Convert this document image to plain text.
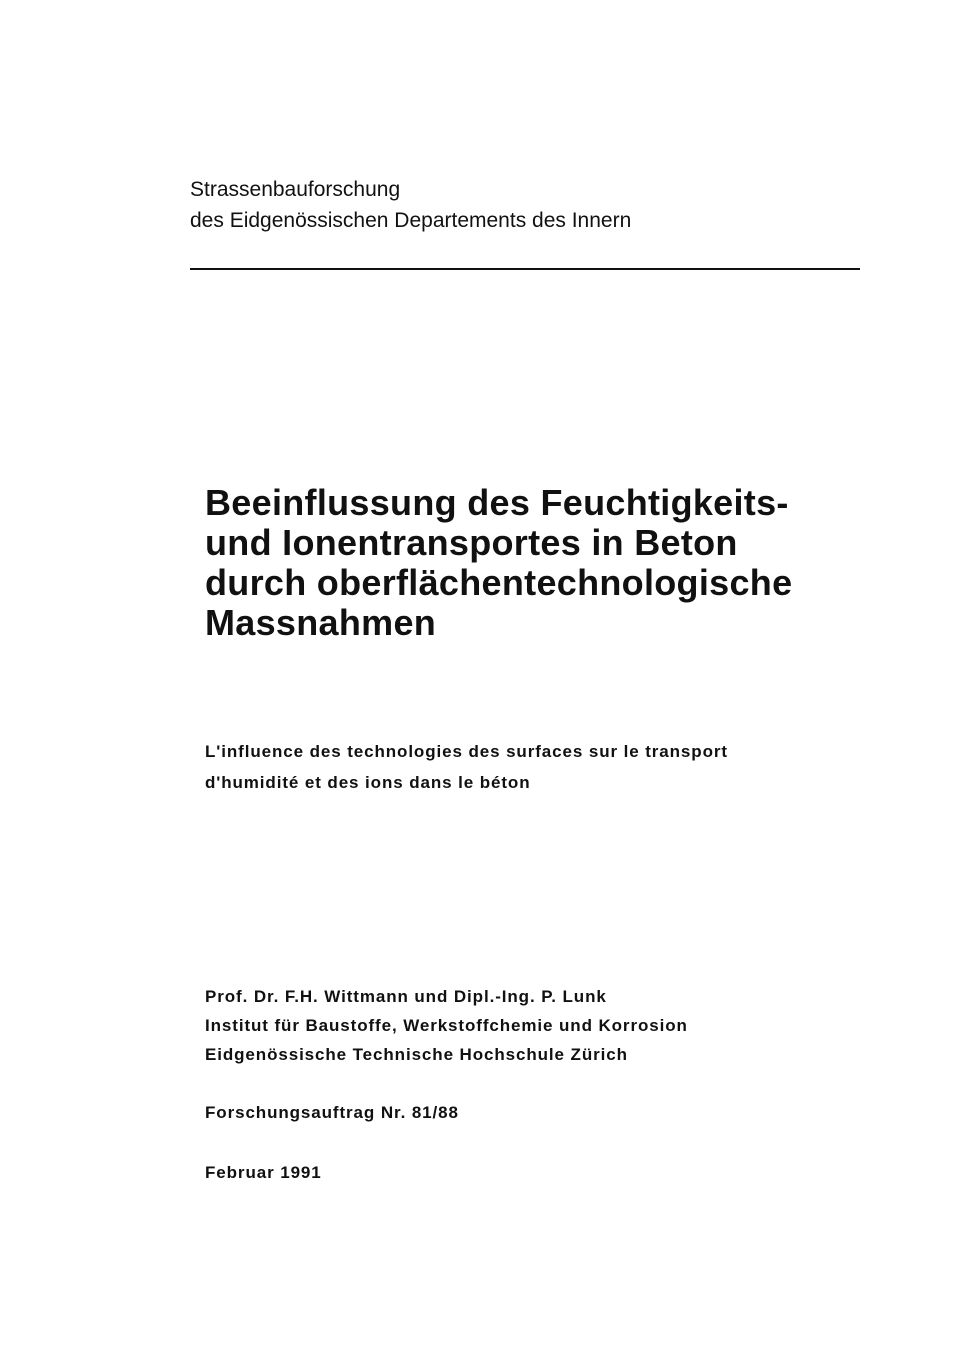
Strassenbauforschung
des Eidgenössischen Departements des Innern
Beeinflussung des Feuchtigkeits-
und Ionentransportes in Beton
durch oberflächentechnologische
Massnahmen
L'influence des technologies des surfaces sur le transport
d'humidité et des ions dans le béton
Prof. Dr. F.H. Wittmann und Dipl.-Ing. P. Lunk
Institut für Baustoffe, Werkstoffchemie und Korrosion
Eidgenössische Technische Hochschule Zürich
Forschungsauftrag Nr. 81/88
Februar 1991
